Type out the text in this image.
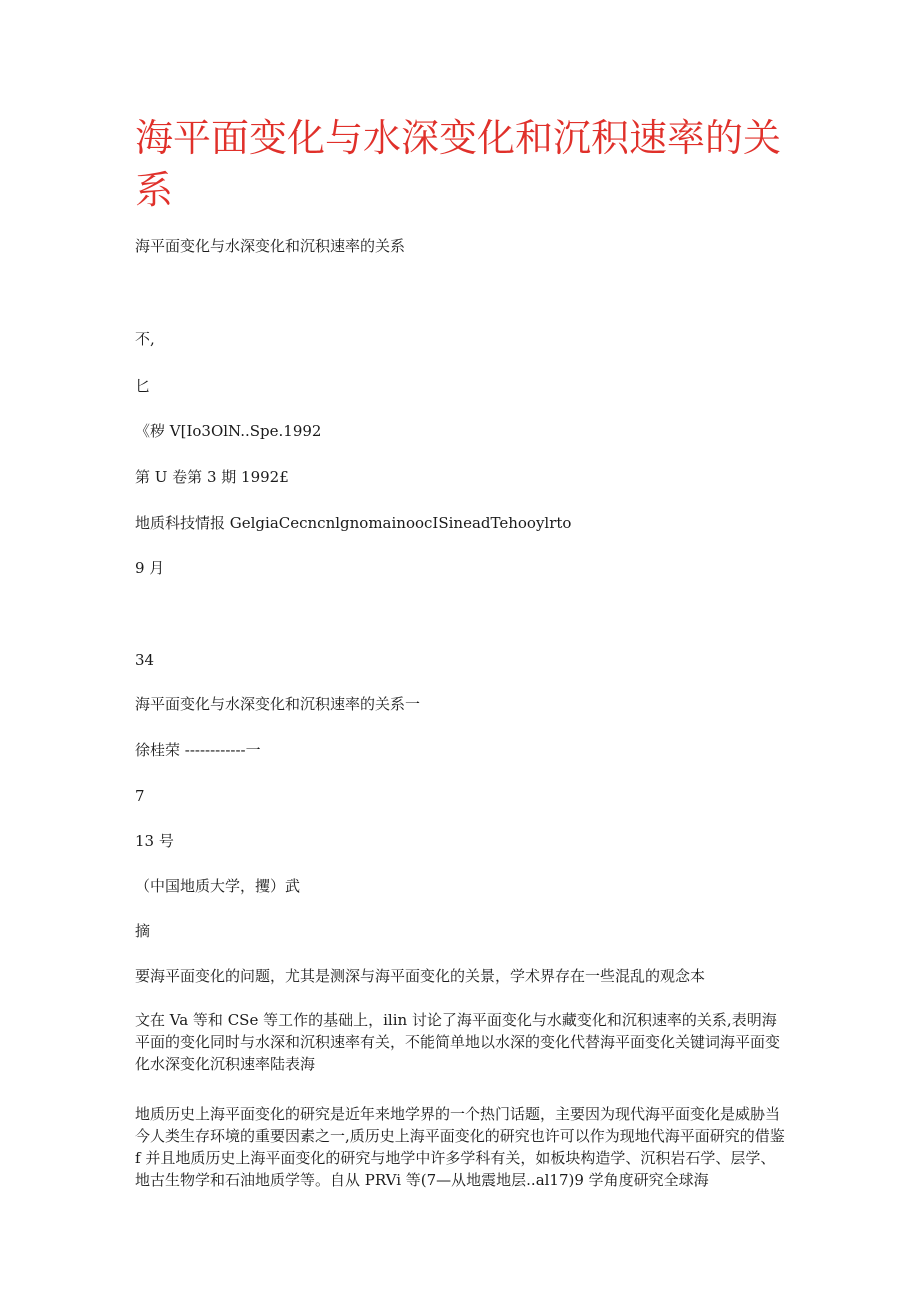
海平面变化与水深变化和沉积速率的关系

海平面变化与水深变化和沉积速率的关系

不,

匕

《秽 V[Io3OlN..Spe.1992

第 U 卷第 3 期 1992£

地质科技情报 GelgiaCecncnlgnomainoocISineadTehooylrto

9 月

34

海平面变化与水深变化和沉积速率的关系一

徐桂荣 ------------一

7

13 号

（中国地质大学，攫）武

摘

要海平面变化的问题，尤其是测深与海平面变化的关景，学术界存在一些混乱的观念本

文在 Va 等和 CSe 等工作的基础上，ilin 讨论了海平面变化与水藏变化和沉积速率的关系,表明海平面的变化同时与水深和沉积速率有关，不能简单地以水深的变化代替海平面变化关键词海平面变化水深变化沉积速率陆表海

地质历史上海平面变化的研究是近年来地学界的一个热门话题，主要因为现代海平面变化是威胁当今人类生存环境的重要因素之一,质历史上海平面变化的研究也许可以作为现地代海平面研究的借鉴 f 并且地质历史上海平面变化的研究与地学中许多学科有关，如板块构造学、沉积岩石学、层学、地古生物学和石油地质学等。自从 PRVi 等(7—从地震地层..al17)9 学角度研究全球海
